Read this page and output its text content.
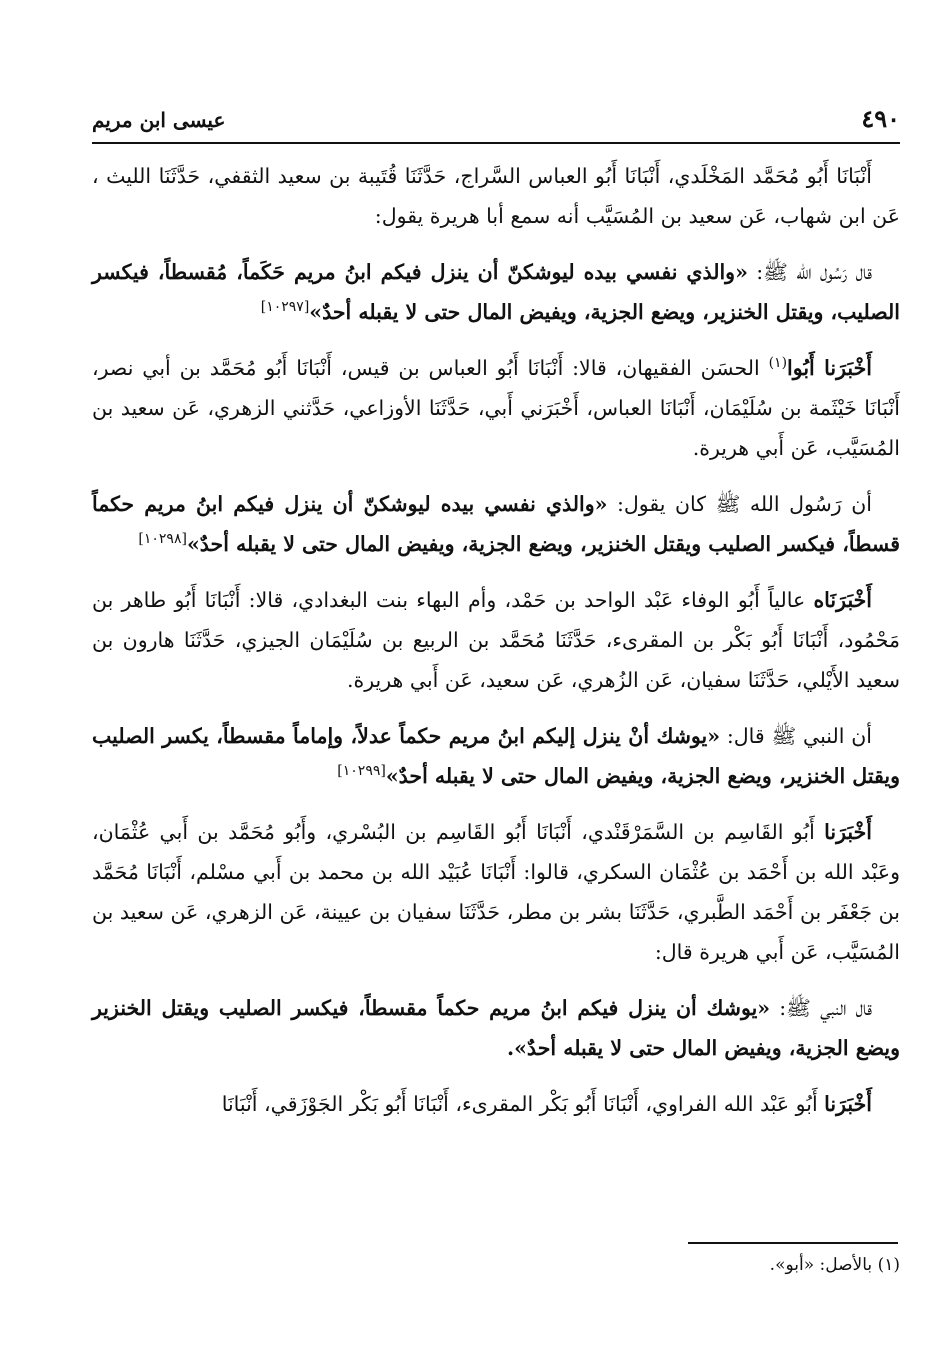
٤٩٠
عيسى ابن مريم

أَنْبَانَا أَبُو مُحَمَّد المَخْلَدي، أَنْبَانَا أَبُو العباس السَّراج، حَدَّثَنَا قُتَيبة بن سعيد الثقفي، حَدَّثَنَا الليث ، عَن ابن شهاب، عَن سعيد بن المُسَيَّب أنه سمع أبا هريرة يقول:

قال رَسُول الله ﷺ: «والذي نفسي بيده ليوشكنّ أن ينزل فيكم ابنُ مريم حَكَماً، مُقسطاً، فيكسر الصليب، ويقتل الخنزير، ويضع الجزية، ويفيض المال حتى لا يقبله أحدٌ»[١٠٢٩٧]

أَخْبَرَنا أَبُوا$^{(١)}$ الحسَن الفقيهان، قالا: أَنْبَانَا أَبُو العباس بن قيس، أَنْبَانَا أَبُو مُحَمَّد بن أبي نصر، أَنْبَانَا خَيْثَمة بن سُلَيْمَان، أَنْبَانَا العباس، أَخْبَرَني أَبي، حَدَّثَنَا الأوزاعي، حَدَّثني الزهري، عَن سعيد بن المُسَيَّب، عَن أَبي هريرة.

أن رَسُول الله ﷺ كان يقول: «والذي نفسي بيده ليوشكنّ أن ينزل فيكم ابنُ مريم حكماً قسطاً، فيكسر الصليب ويقتل الخنزير، ويضع الجزية، ويفيض المال حتى لا يقبله أحدٌ»[١٠٢٩٨]

أَخْبَرَنَاه عالياً أَبُو الوفاء عَبْد الواحد بن حَمْد، وأم البهاء بنت البغدادي، قالا: أَنْبَانَا أَبُو طاهر بن مَحْمُود، أَنْبَانَا أَبُو بَكْر بن المقرىء، حَدَّثَنَا مُحَمَّد بن الربيع بن سُلَيْمَان الجيزي، حَدَّثَنَا هارون بن سعيد الأَيْلي، حَدَّثَنَا سفيان، عَن الزُهري، عَن سعيد، عَن أَبي هريرة.

أن النبي ﷺ قال: «يوشك أنْ ينزل إليكم ابنُ مريم حكماً عدلاً، وإماماً مقسطاً، يكسر الصليب ويقتل الخنزير، ويضع الجزية، ويفيض المال حتى لا يقبله أحدٌ»[١٠٢٩٩]

أَخْبَرَنا أَبُو القَاسِم بن السَّمَرْقَنْدي، أَنْبَانَا أَبُو القَاسِم بن البُسْري، وأَبُو مُحَمَّد بن أَبي عُثْمَان، وعَبْد الله بن أَحْمَد بن عُثْمَان السكري، قالوا: أَنْبَانَا عُبَيْد الله بن محمد بن أَبي مسْلم، أَنْبَانَا مُحَمَّد بن جَعْفَر بن أَحْمَد الطَّبري، حَدَّثَنَا بشر بن مطر، حَدَّثَنَا سفيان بن عيينة، عَن الزهري، عَن سعيد بن المُسَيَّب، عَن أَبي هريرة قال:

قال النبي ﷺ: «يوشك أن ينزل فيكم ابنُ مريم حكماً مقسطاً، فيكسر الصليب ويقتل الخنزير ويضع الجزية، ويفيض المال حتى لا يقبله أحدٌ».

أَخْبَرَنا أَبُو عَبْد الله الفراوي، أَنْبَانَا أَبُو بَكْر المقرىء، أَنْبَانَا أَبُو بَكْر الجَوْزَقي، أَنْبَانَا

(١) بالأصل: «أبو».
